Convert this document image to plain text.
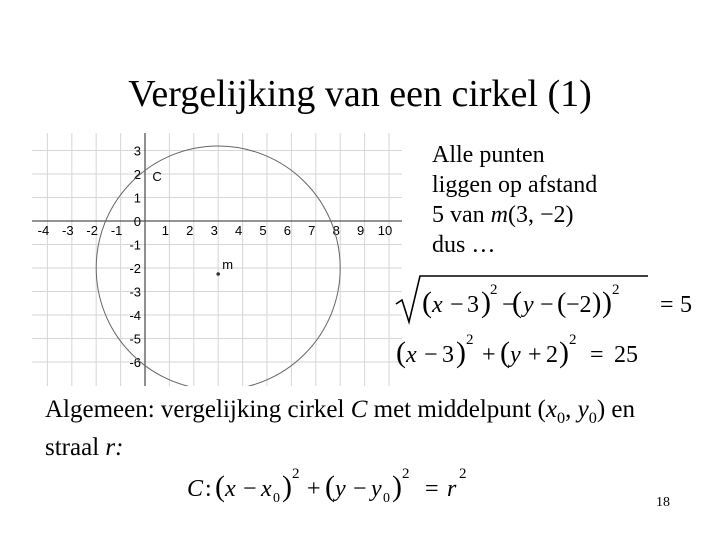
Vergelijking van een cirkel (1)
-4 -3 -2 -1	1 2 3 4 5 6 7 8 9 10
3
2
1
0
-1
-2
-3
-4
-5
-6
C
m
Alle punten
liggen op afstand
5 van m(3, −2)
dus …
( x − 3 ) 2
−
( y − ( −2 ) ) 2
= 5
( x − 3 ) 2
+ ( y + 2 ) 2
= 25
Algemeen: vergelijking cirkel C met middelpunt ($x_0$, $y_0$) en
straal r:
C : ( x − x 0 ) 2
+ ( y − y 0 ) 2
= r
2
18
